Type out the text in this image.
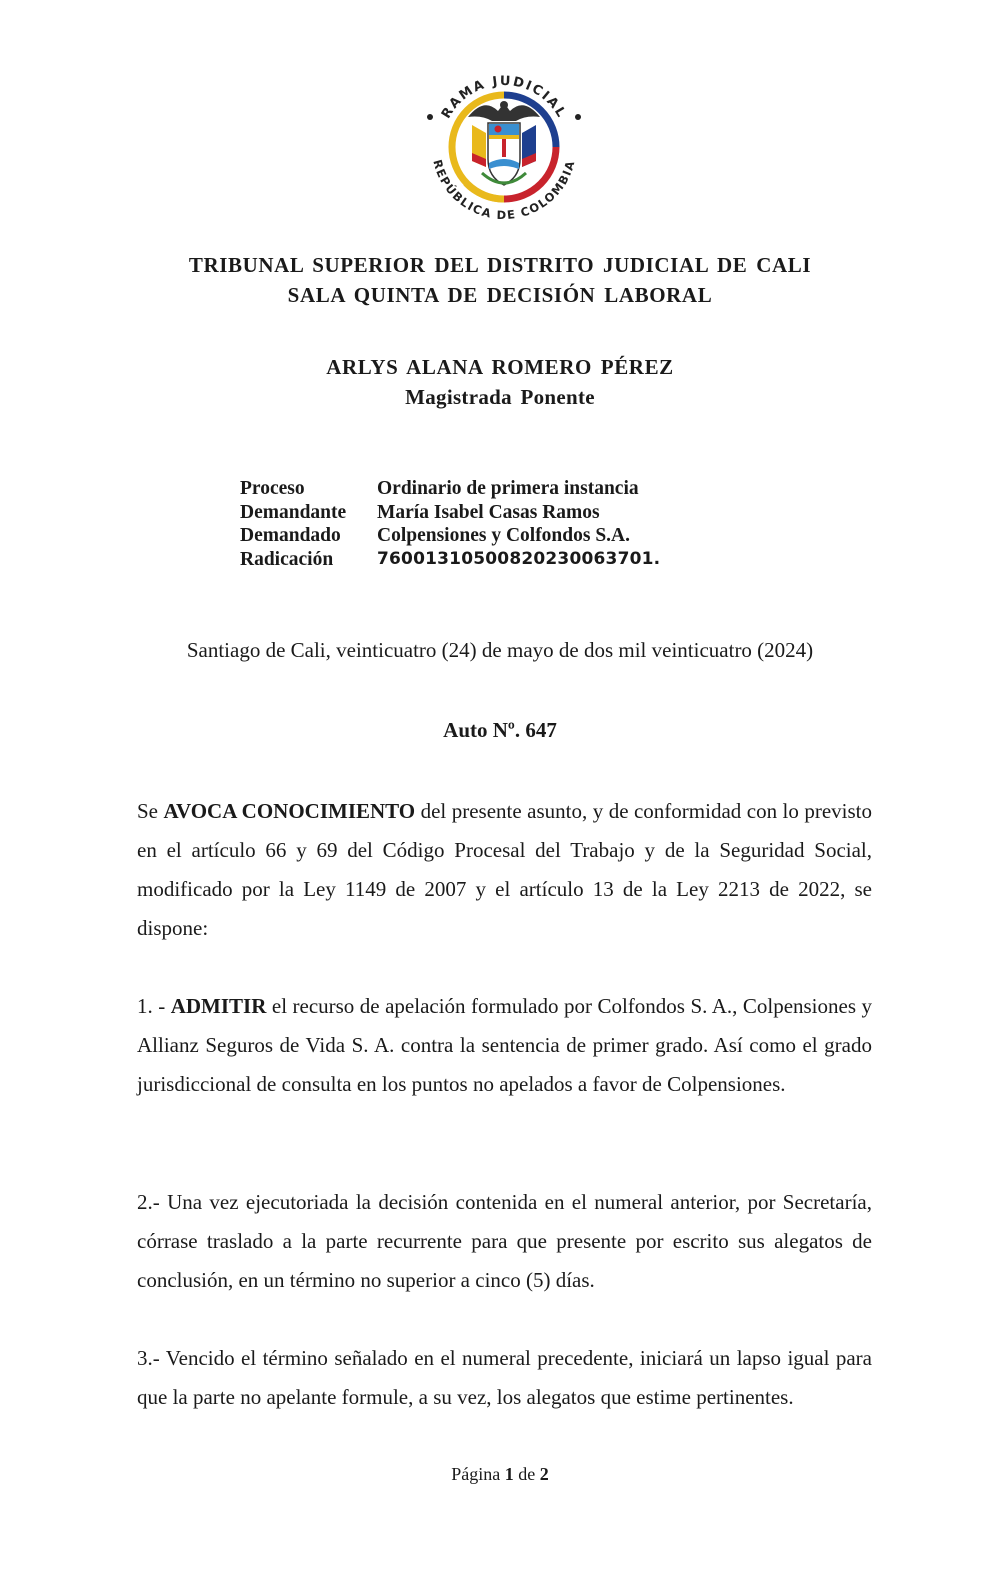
RAMA JUDICIAL
REPÚBLICA DE COLOMBIA
TRIBUNAL SUPERIOR DEL DISTRITO JUDICIAL DE CALI
SALA QUINTA DE DECISIÓN LABORAL
ARLYS ALANA ROMERO PÉREZ
Magistrada Ponente
Proceso	Ordinario de primera instancia
Demandante	María Isabel Casas Ramos
Demandado	Colpensiones y Colfondos S.A.
Radicación	76001310500820230063701.
Santiago de Cali, veinticuatro (24) de mayo de dos mil veinticuatro (2024)
Auto Nº. 647
Se AVOCA CONOCIMIENTO del presente asunto, y de conformidad con lo previsto en el artículo 66 y 69 del Código Procesal del Trabajo y de la Seguridad Social, modificado por la Ley 1149 de 2007 y el artículo 13 de la Ley 2213 de 2022, se dispone:
1. - ADMITIR el recurso de apelación formulado por Colfondos S. A., Colpensiones y Allianz Seguros de Vida S. A. contra la sentencia de primer grado. Así como el grado jurisdiccional de consulta en los puntos no apelados a favor de Colpensiones.
2.- Una vez ejecutoriada la decisión contenida en el numeral anterior, por Secretaría, córrase traslado a la parte recurrente para que presente por escrito sus alegatos de conclusión, en un término no superior a cinco (5) días.
3.- Vencido el término señalado en el numeral precedente, iniciará un lapso igual para que la parte no apelante formule, a su vez, los alegatos que estime pertinentes.
Página 1 de 2
